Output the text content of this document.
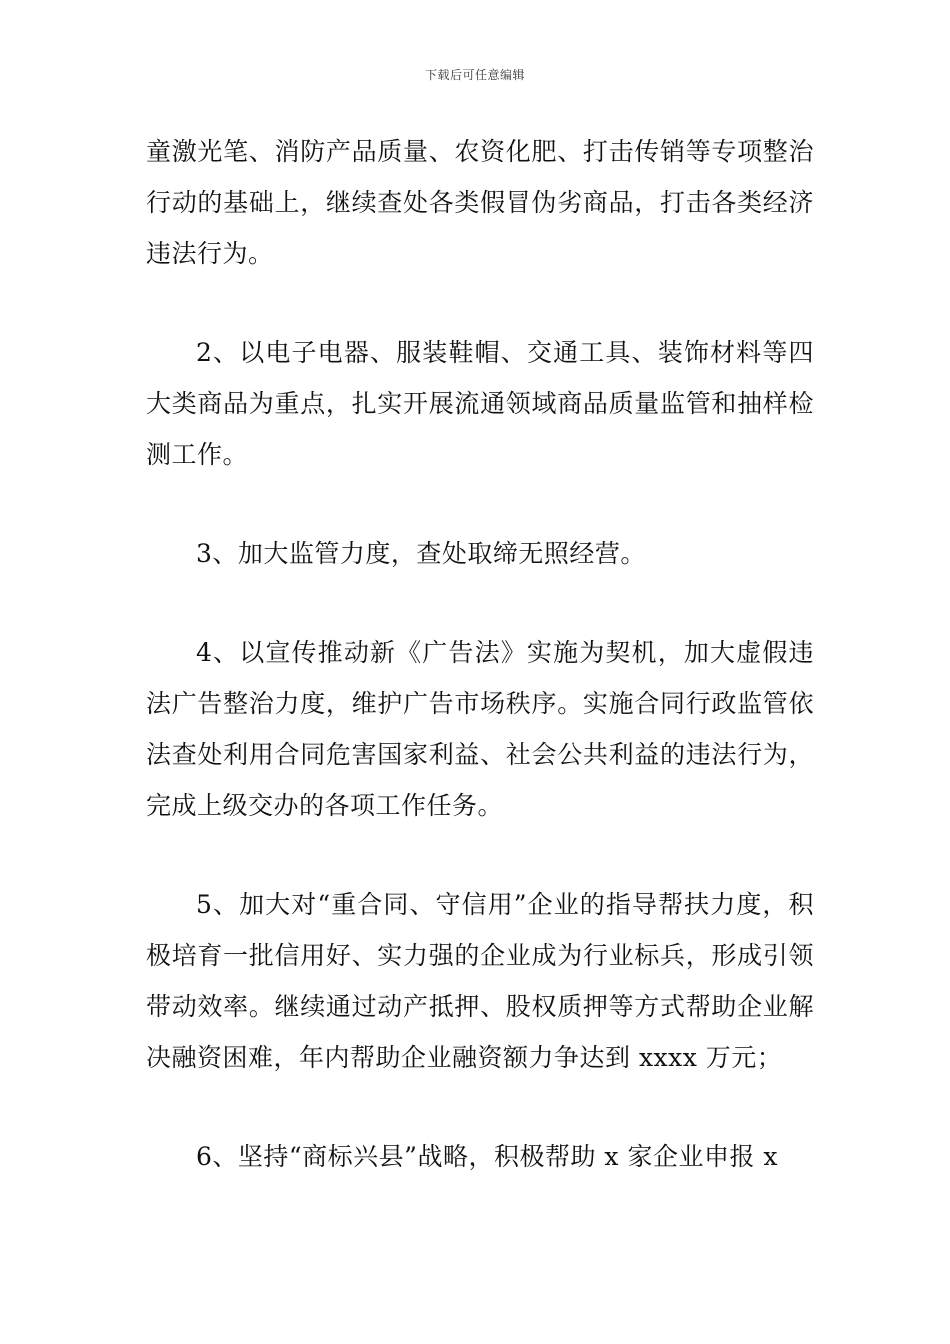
下载后可任意编辑

童激光笔、消防产品质量、农资化肥、打击传销等专项整治行动的基础上，继续查处各类假冒伪劣商品，打击各类经济违法行为。

2、以电子电器、服装鞋帽、交通工具、装饰材料等四大类商品为重点，扎实开展流通领域商品质量监管和抽样检测工作。

3、加大监管力度，查处取缔无照经营。

4、以宣传推动新《广告法》实施为契机，加大虚假违法广告整治力度，维护广告市场秩序。实施合同行政监管依法查处利用合同危害国家利益、社会公共利益的违法行为，完成上级交办的各项工作任务。

5、加大对“重合同、守信用”企业的指导帮扶力度，积极培育一批信用好、实力强的企业成为行业标兵，形成引领带动效率。继续通过动产抵押、股权质押等方式帮助企业解决融资困难，年内帮助企业融资额力争达到 xxxx 万元；

6、坚持“商标兴县”战略，积极帮助 x 家企业申报 x
